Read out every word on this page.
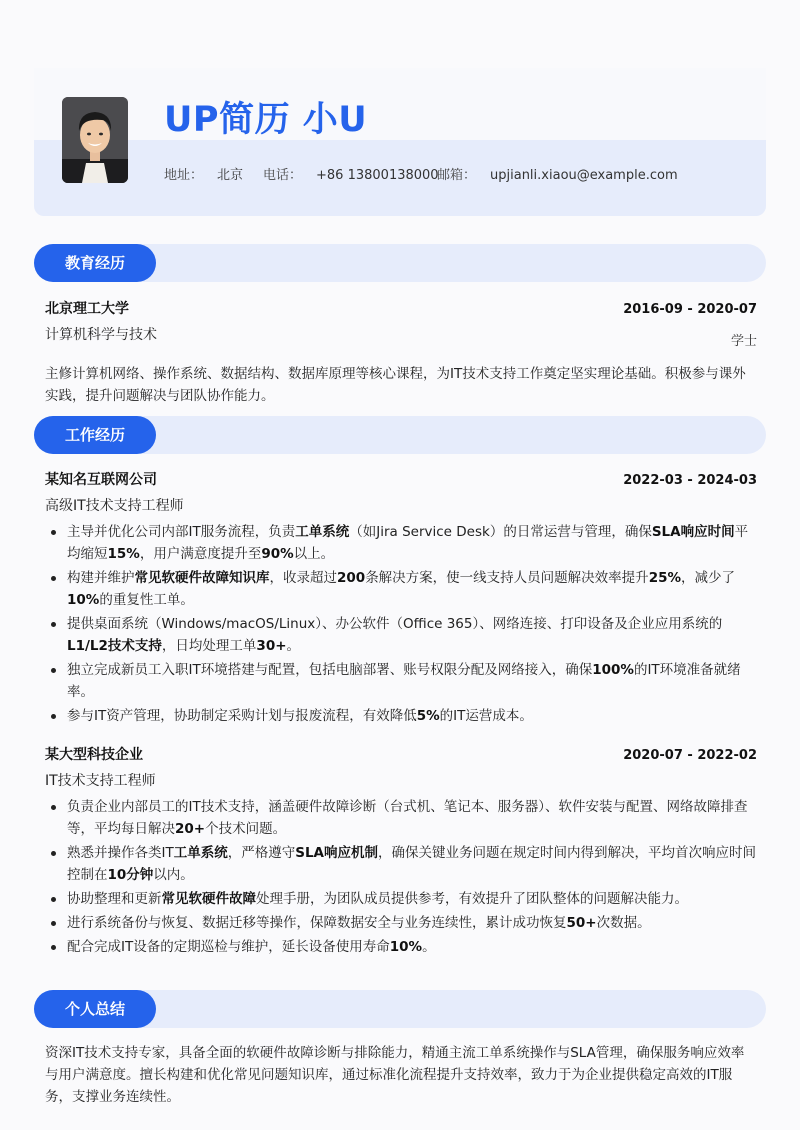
UP简历 小U
地址： 北京 电话： +86 13800138000
邮箱： upjianli.xiaou@example.com
教育经历
北京理工大学	2016-09 - 2020-07
计算机科学与技术	学士
主修计算机网络、操作系统、数据结构、数据库原理等核心课程，为IT技术支持工作奠定坚实理论基础。积极参与课外实践，提升问题解决与团队协作能力。
工作经历
某知名互联网公司	2022-03 - 2024-03
高级IT技术支持工程师
主导并优化公司内部IT服务流程，负责工单系统（如Jira Service Desk）的日常运营与管理，确保SLA响应时间平均缩短15%，用户满意度提升至90%以上。
构建并维护常见软硬件故障知识库，收录超过200条解决方案，使一线支持人员问题解决效率提升25%，减少了10%的重复性工单。
提供桌面系统（Windows/macOS/Linux）、办公软件（Office 365）、网络连接、打印设备及企业应用系统的L1/L2技术支持，日均处理工单30+。
独立完成新员工入职IT环境搭建与配置，包括电脑部署、账号权限分配及网络接入，确保100%的IT环境准备就绪率。
参与IT资产管理，协助制定采购计划与报废流程，有效降低5%的IT运营成本。
某大型科技企业	2020-07 - 2022-02
IT技术支持工程师
负责企业内部员工的IT技术支持，涵盖硬件故障诊断（台式机、笔记本、服务器）、软件安装与配置、网络故障排查等，平均每日解决20+个技术问题。
熟悉并操作各类IT工单系统，严格遵守SLA响应机制，确保关键业务问题在规定时间内得到解决，平均首次响应时间控制在10分钟以内。
协助整理和更新常见软硬件故障处理手册，为团队成员提供参考，有效提升了团队整体的问题解决能力。
进行系统备份与恢复、数据迁移等操作，保障数据安全与业务连续性，累计成功恢复50+次数据。
配合完成IT设备的定期巡检与维护，延长设备使用寿命10%。
个人总结
资深IT技术支持专家，具备全面的软硬件故障诊断与排除能力，精通主流工单系统操作与SLA管理，确保服务响应效率与用户满意度。擅长构建和优化常见问题知识库，通过标准化流程提升支持效率，致力于为企业提供稳定高效的IT服务，支撑业务连续性。
